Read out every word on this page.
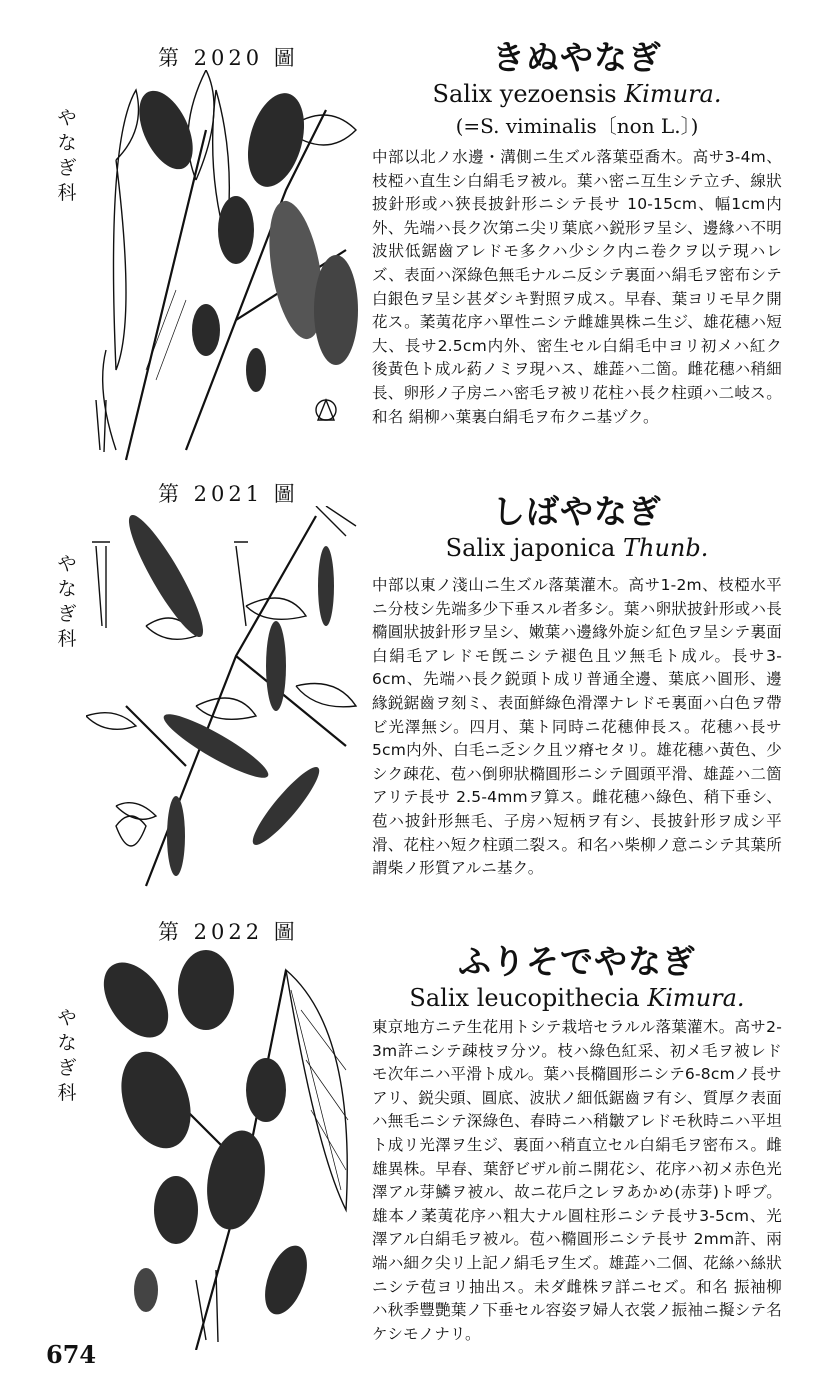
第 2020 圖
や
な
ぎ
科
きぬやなぎ

Salix yezoensis Kimura.

(=S. viminalis〔non L.〕)

中部以北ノ水邊・溝側ニ生ズル落葉亞喬木。高サ3-4m、枝椏ハ直生シ白絹毛ヲ被ル。葉ハ密ニ互生シテ立チ、線狀披針形或ハ狹長披針形ニシテ長サ 10-15cm、幅1cm内外、先端ハ長ク次第ニ尖リ葉底ハ鋭形ヲ呈シ、邊緣ハ不明波狀低鋸齒アレドモ多クハ少シク内ニ卷クヲ以テ現ハレズ、表面ハ深綠色無毛ナルニ反シテ裏面ハ絹毛ヲ密布シテ白銀色ヲ呈シ甚ダシキ對照ヲ成ス。早春、葉ヨリモ早ク開花ス。葇荑花序ハ單性ニシテ雌雄異株ニ生ジ、雄花穗ハ短大、長サ2.5cm内外、密生セル白絹毛中ヨリ初メハ紅ク後黃色ト成ル葯ノミヲ現ハス、雄蕋ハ二箇。雌花穗ハ稍細長、卵形ノ子房ニハ密毛ヲ被リ花柱ハ長ク柱頭ハ二岐ス。和名 絹柳ハ葉裏白絹毛ヲ布クニ基ヅク。

第 2021 圖
や
な
ぎ
科
しばやなぎ

Salix japonica Thunb.

中部以東ノ淺山ニ生ズル落葉灌木。高サ1-2m、枝椏水平ニ分枝シ先端多少下垂スル者多シ。葉ハ卵狀披針形或ハ長橢圓狀披針形ヲ呈シ、嫩葉ハ邊緣外旋シ紅色ヲ呈シテ裏面白絹毛アレドモ旣ニシテ褪色且ツ無毛ト成ル。長サ3-6cm、先端ハ長ク鋭頭ト成リ普通全邊、葉底ハ圓形、邊緣鋭鋸齒ヲ刻ミ、表面鮮綠色滑澤ナレドモ裏面ハ白色ヲ帶ビ光澤無シ。四月、葉ト同時ニ花穗伸長ス。花穗ハ長サ5cm内外、白毛ニ乏シク且ツ瘠セタリ。雄花穗ハ黃色、少シク疎花、苞ハ倒卵狀橢圓形ニシテ圓頭平滑、雄蕋ハ二箇アリテ長サ 2.5-4mmヲ算ス。雌花穗ハ綠色、稍下垂シ、苞ハ披針形無毛、子房ハ短柄ヲ有シ、長披針形ヲ成シ平滑、花柱ハ短ク柱頭二裂ス。和名ハ柴柳ノ意ニシテ其葉所謂柴ノ形質アルニ基ク。

第 2022 圖
や
な
ぎ
科
ふりそでやなぎ

Salix leucopithecia Kimura.

東京地方ニテ生花用トシテ栽培セラルル落葉灌木。高サ2-3m許ニシテ疎枝ヲ分ツ。枝ハ綠色紅采、初メ毛ヲ被レドモ次年ニハ平滑ト成ル。葉ハ長橢圓形ニシテ6-8cmノ長サアリ、鋭尖頭、圓底、波狀ノ細低鋸齒ヲ有シ、質厚ク表面ハ無毛ニシテ深綠色、春時ニハ稍皺アレドモ秋時ニハ平坦ト成リ光澤ヲ生ジ、裏面ハ稍直立セル白絹毛ヲ密布ス。雌雄異株。早春、葉舒ビザル前ニ開花シ、花序ハ初メ赤色光澤アル芽鱗ヲ被ル、故ニ花戶之レヲあかめ(赤芽)ト呼ブ。雄本ノ葇荑花序ハ粗大ナル圓柱形ニシテ長サ3-5cm、光澤アル白絹毛ヲ被ル。苞ハ橢圓形ニシテ長サ 2mm許、兩端ハ細ク尖リ上記ノ絹毛ヲ生ズ。雄蕋ハ二個、花絲ハ絲狀ニシテ苞ヨリ抽出ス。未ダ雌株ヲ詳ニセズ。和名 振袖柳ハ秋季豐艷葉ノ下垂セル容姿ヲ婦人衣裳ノ振袖ニ擬シテ名ケシモノナリ。

674
